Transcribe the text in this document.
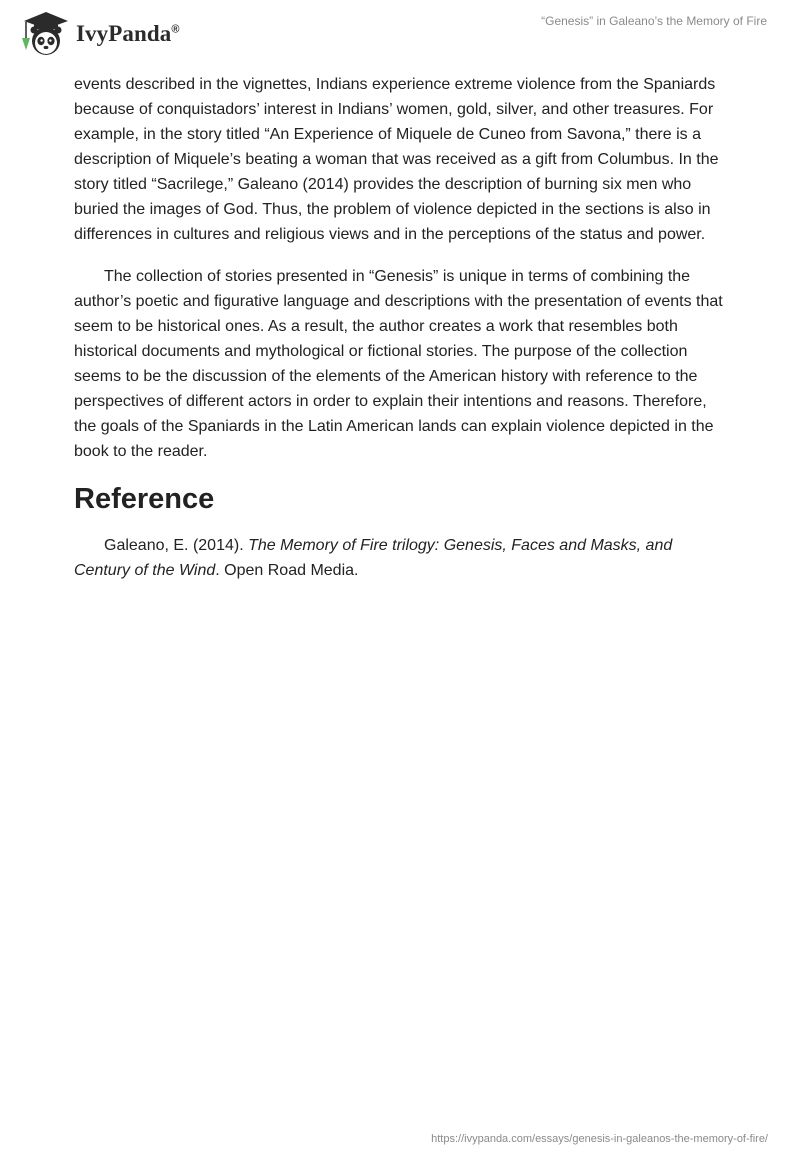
IvyPanda®
“Genesis” in Galeano’s the Memory of Fire

events described in the vignettes, Indians experience extreme violence from the Spaniards because of conquistadors’ interest in Indians’ women, gold, silver, and other treasures. For example, in the story titled “An Experience of Miquele de Cuneo from Savona,” there is a description of Miquele’s beating a woman that was received as a gift from Columbus. In the story titled “Sacrilege,” Galeano (2014) provides the description of burning six men who buried the images of God. Thus, the problem of violence depicted in the sections is also in differences in cultures and religious views and in the perceptions of the status and power.

The collection of stories presented in “Genesis” is unique in terms of combining the author’s poetic and figurative language and descriptions with the presentation of events that seem to be historical ones. As a result, the author creates a work that resembles both historical documents and mythological or fictional stories. The purpose of the collection seems to be the discussion of the elements of the American history with reference to the perspectives of different actors in order to explain their intentions and reasons. Therefore, the goals of the Spaniards in the Latin American lands can explain violence depicted in the book to the reader.

Reference

Galeano, E. (2014). The Memory of Fire trilogy: Genesis, Faces and Masks, and Century of the Wind. Open Road Media.

https://ivypanda.com/essays/genesis-in-galeanos-the-memory-of-fire/
